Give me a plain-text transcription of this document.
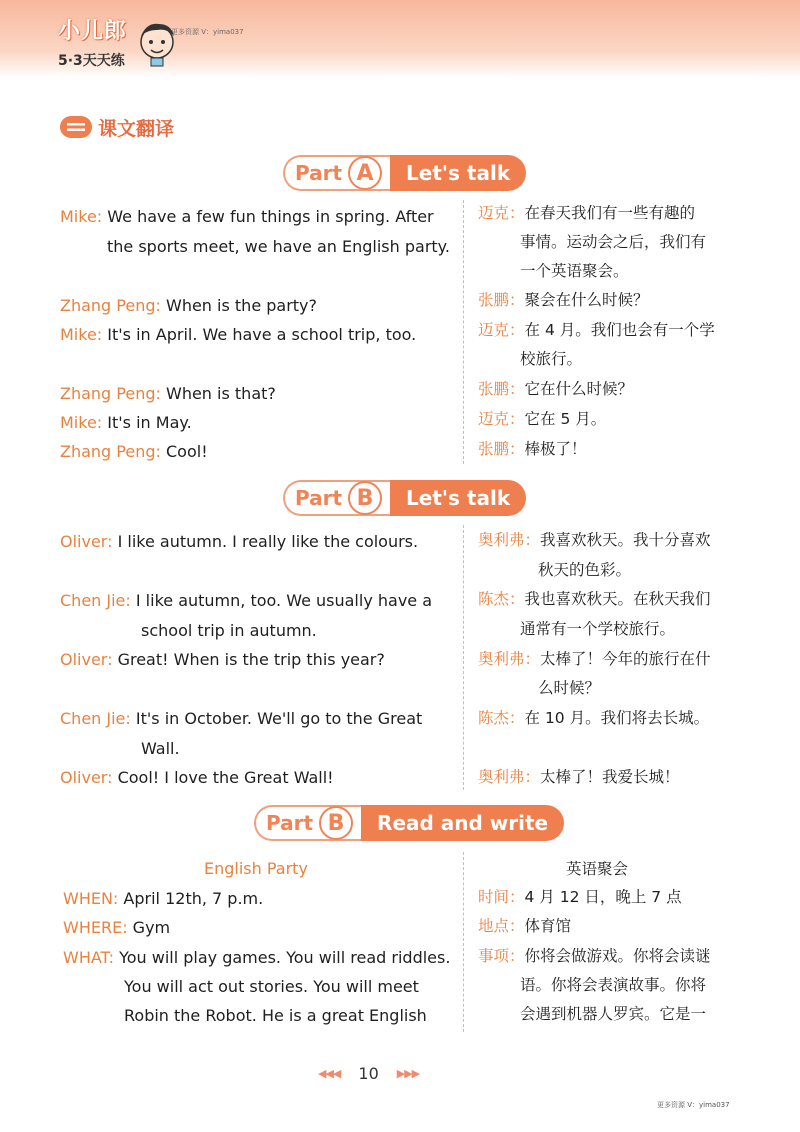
小儿郎
5·3天天练
更多资源 V：yima037
课文翻译
Part A	Let's talk
Mike: We have a few fun things in spring. After
the sports meet, we have an English party.
Zhang Peng: When is the party?
Mike: It's in April. We have a school trip, too.
Zhang Peng: When is that?
Mike: It's in May.
Zhang Peng: Cool!
迈克：在春天我们有一些有趣的
事情。运动会之后，我们有
一个英语聚会。
张鹏：聚会在什么时候？
迈克：在 4 月。我们也会有一个学
校旅行。
张鹏：它在什么时候？
迈克：它在 5 月。
张鹏：棒极了！
Part B	Let's talk
Oliver: I like autumn. I really like the colours.
Chen Jie: I like autumn, too. We usually have a
school trip in autumn.
Oliver: Great! When is the trip this year?
Chen Jie: It's in October. We'll go to the Great
Wall.
Oliver: Cool! I love the Great Wall!
奥利弗：我喜欢秋天。我十分喜欢
秋天的色彩。
陈杰：我也喜欢秋天。在秋天我们
通常有一个学校旅行。
奥利弗：太棒了！今年的旅行在什
么时候？
陈杰：在 10 月。我们将去长城。
奥利弗：太棒了！我爱长城！
Part B	Read and write
English Party
WHEN: April 12th, 7 p.m.
WHERE: Gym
WHAT: You will play games. You will read riddles.
You will act out stories. You will meet
Robin the Robot. He is a great English
英语聚会
时间：4 月 12 日，晚上 7 点
地点：体育馆
事项：你将会做游戏。你将会读谜
语。你将会表演故事。你将
会遇到机器人罗宾。它是一
◀◀◀ 10 ▶▶▶
更多资源 V：yima037
